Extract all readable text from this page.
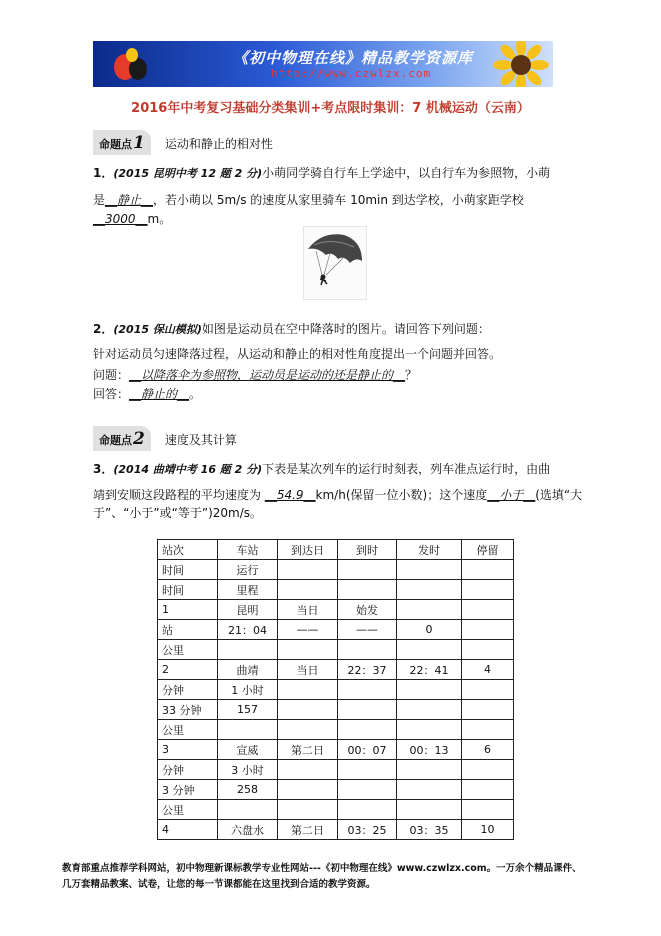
《初中物理在线》精品教学资源库
http://www.czwlzx.com
2016年中考复习基础分类集训+考点限时集训：7 机械运动（云南）
命题点1	运动和静止的相对性
1．(2015 昆明中考 12 题 2 分)小萌同学骑自行车上学途中，以自行车为参照物，小萌
是__静止__，若小萌以 5m/s 的速度从家里骑车 10min 到达学校，小萌家距学校
__3000__m。
2．(2015 保山模拟)如图是运动员在空中降落时的图片。请回答下列问题：
针对运动员匀速降落过程，从运动和静止的相对性角度提出一个问题并回答。
问题：__以降落伞为参照物，运动员是运动的还是静止的__？
回答：__静止的__。
命题点2	速度及其计算
3．(2014 曲靖中考 16 题 2 分)下表是某次列车的运行时刻表，列车准点运行时，由曲
靖到安顺这段路程的平均速度为 __54.9__km/h(保留一位小数)；这个速度__小于__(选填“大
于”、“小于”或“等于”)20m/s。
站次	车站	到达日	到时	发时	停留
时间	运行				
时间	里程				
1	昆明	当日	始发		
站	21：04	——	——	0	
公里					
2	曲靖	当日	22：37	22：41	4
分钟	1 小时				
33 分钟	157				
公里					
3	宣威	第二日	00：07	00：13	6
分钟	3 小时				
3 分钟	258				
公里					
4	六盘水	第二日	03：25	03：35	10
教育部重点推荐学科网站，初中物理新课标教学专业性网站---《初中物理在线》www.czwlzx.com。一万余个精品课件、
几万套精品教案、试卷，让您的每一节课都能在这里找到合适的教学资源。
